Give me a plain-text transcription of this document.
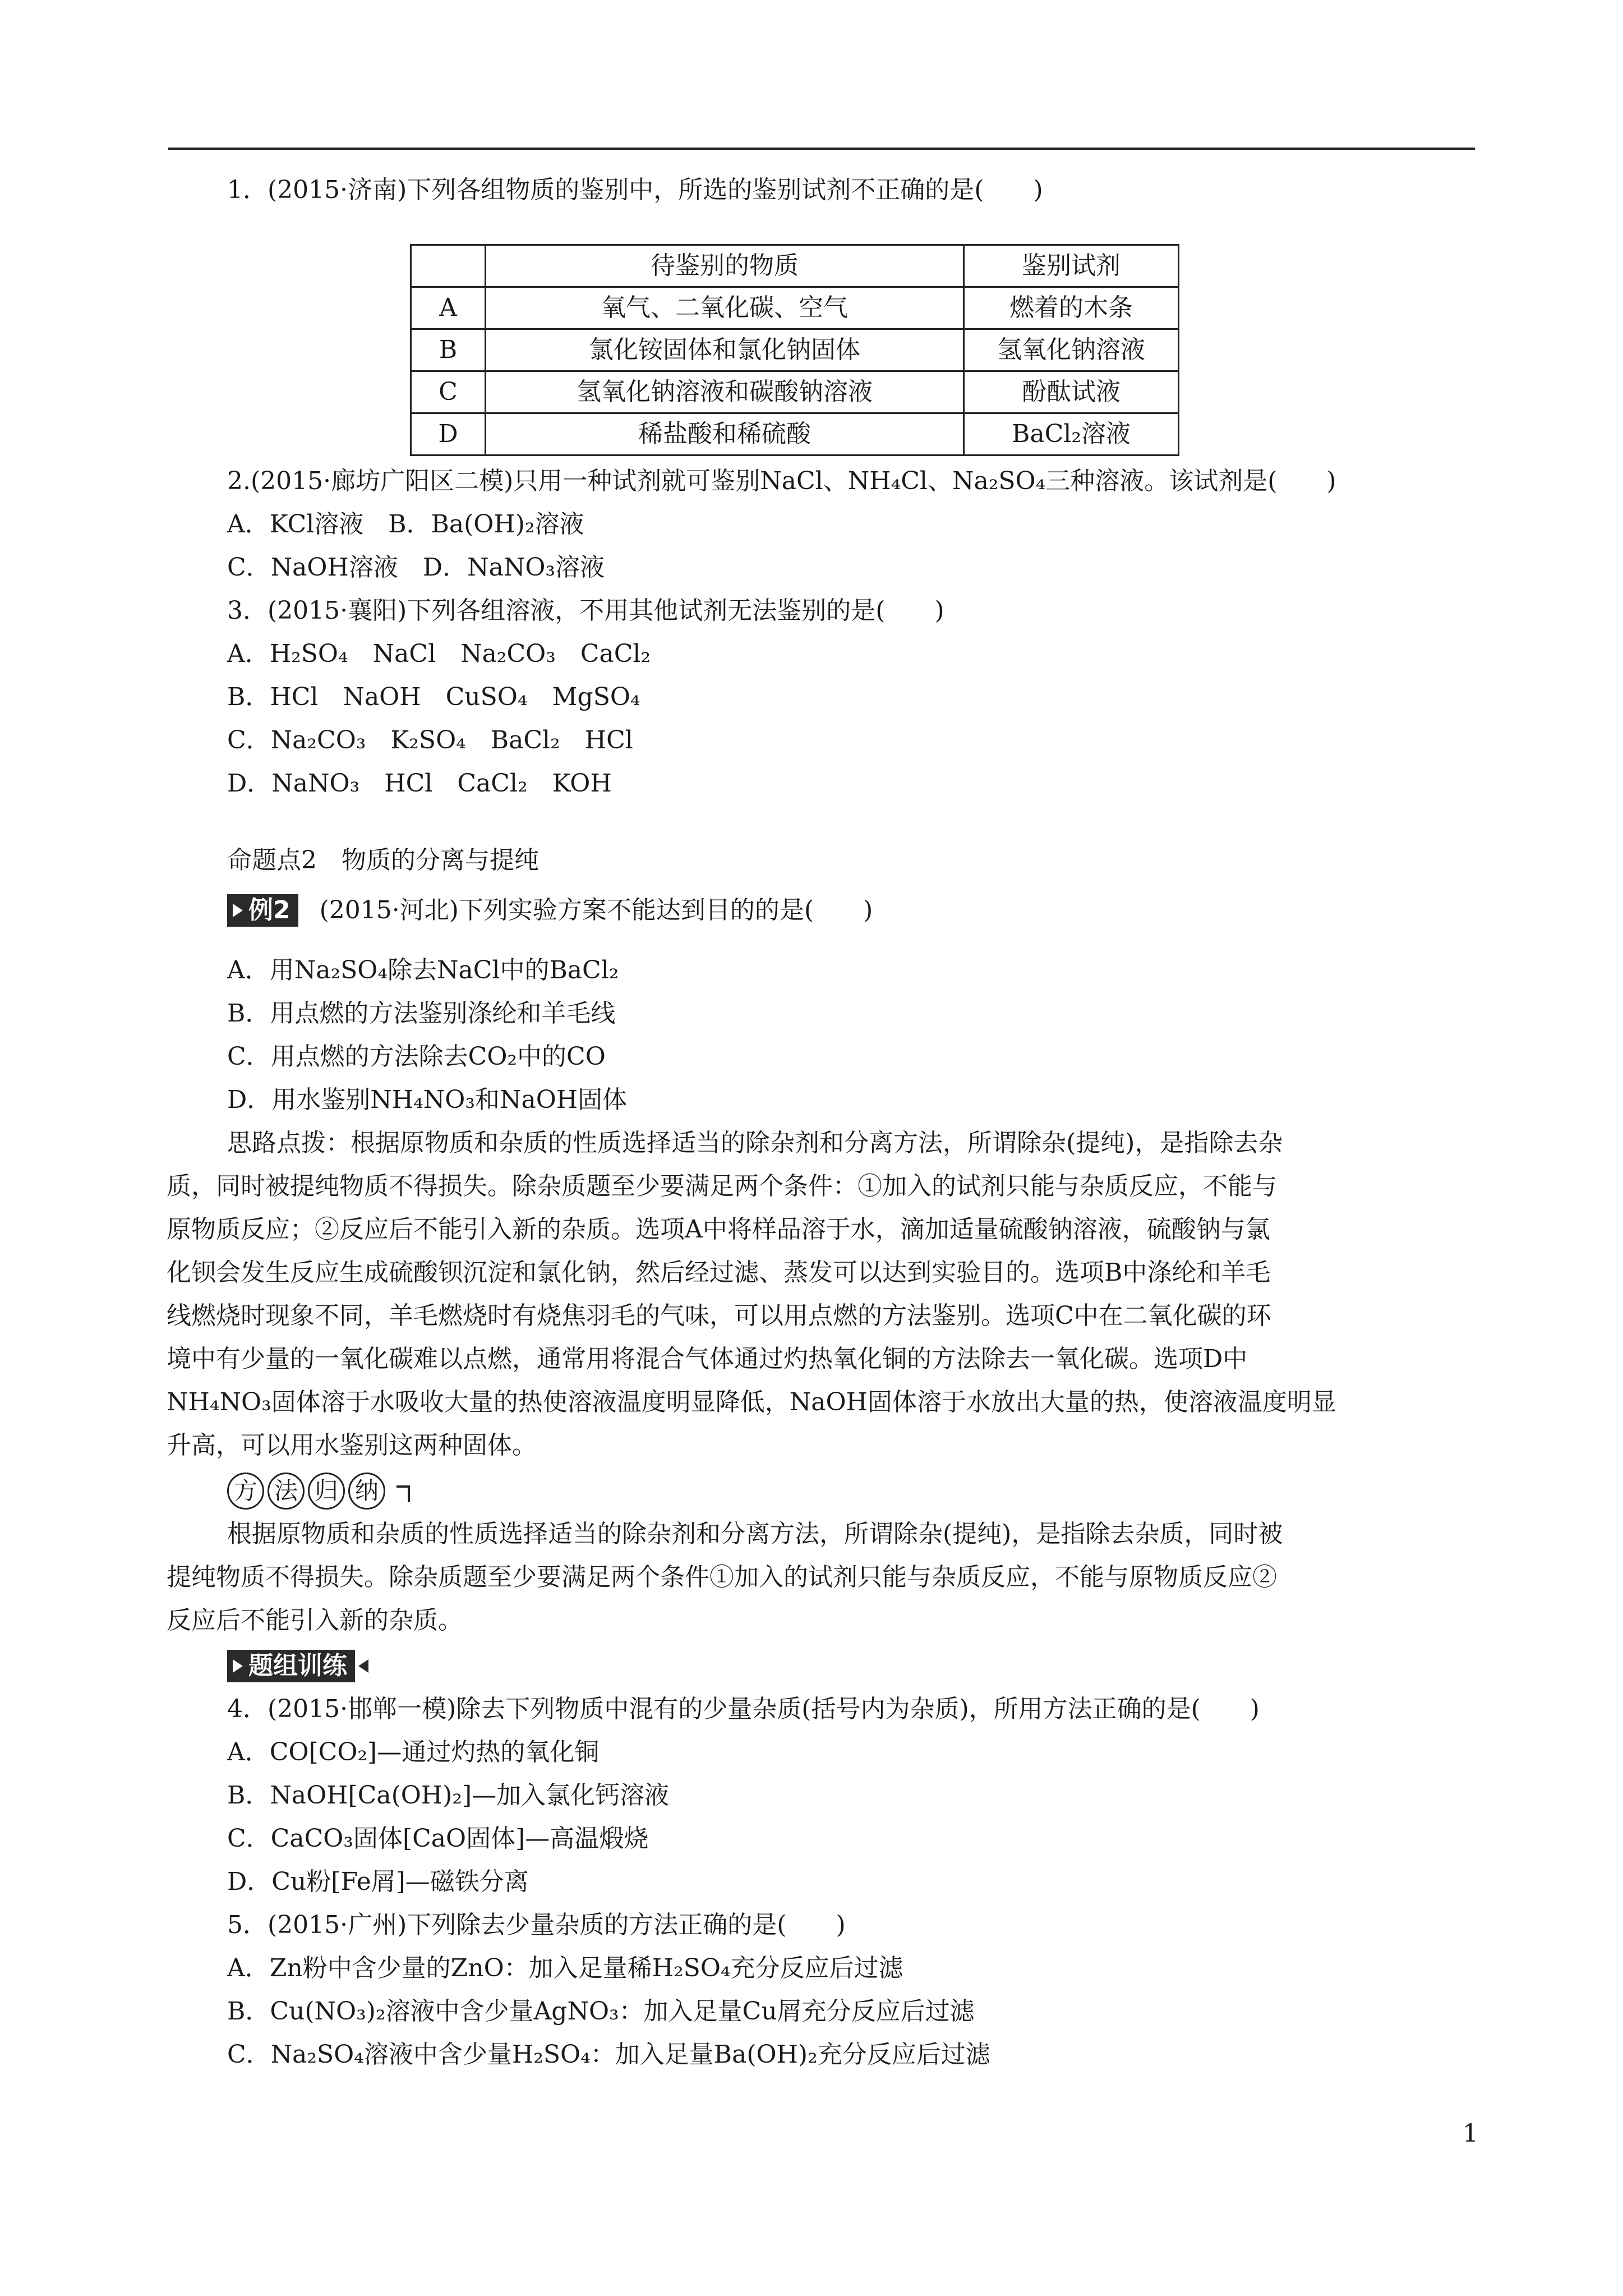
1．(2015·济南)下列各组物质的鉴别中，所选的鉴别试剂不正确的是(　　)
	待鉴别的物质	鉴别试剂
A	氧气、二氧化碳、空气	燃着的木条
B	氯化铵固体和氯化钠固体	氢氧化钠溶液
C	氢氧化钠溶液和碳酸钠溶液	酚酞试液
D	稀盐酸和稀硫酸	BaCl₂溶液
2.(2015·廊坊广阳区二模)只用一种试剂就可鉴别NaCl、NH₄Cl、Na₂SO₄三种溶液。该试剂是(　　)
A．KCl溶液　B．Ba(OH)₂溶液
C．NaOH溶液　D．NaNO₃溶液
3．(2015·襄阳)下列各组溶液，不用其他试剂无法鉴别的是(　　)
A．H₂SO₄　NaCl　Na₂CO₃　CaCl₂
B．HCl　NaOH　CuSO₄　MgSO₄
C．Na₂CO₃　K₂SO₄　BaCl₂　HCl
D．NaNO₃　HCl　CaCl₂　KOH
命题点2　物质的分离与提纯
例2 (2015·河北)下列实验方案不能达到目的的是(　　)
A．用Na₂SO₄除去NaCl中的BaCl₂
B．用点燃的方法鉴别涤纶和羊毛线
C．用点燃的方法除去CO₂中的CO
D．用水鉴别NH₄NO₃和NaOH固体
思路点拨：根据原物质和杂质的性质选择适当的除杂剂和分离方法，所谓除杂(提纯)，是指除去杂
质，同时被提纯物质不得损失。除杂质题至少要满足两个条件：①加入的试剂只能与杂质反应，不能与
原物质反应；②反应后不能引入新的杂质。选项A中将样品溶于水，滴加适量硫酸钠溶液，硫酸钠与氯
化钡会发生反应生成硫酸钡沉淀和氯化钠，然后经过滤、蒸发可以达到实验目的。选项B中涤纶和羊毛
线燃烧时现象不同，羊毛燃烧时有烧焦羽毛的气味，可以用点燃的方法鉴别。选项C中在二氧化碳的环
境中有少量的一氧化碳难以点燃，通常用将混合气体通过灼热氧化铜的方法除去一氧化碳。选项D中
NH₄NO₃固体溶于水吸收大量的热使溶液温度明显降低，NaOH固体溶于水放出大量的热，使溶液温度明显
升高，可以用水鉴别这两种固体。
方 法 归 纳
根据原物质和杂质的性质选择适当的除杂剂和分离方法，所谓除杂(提纯)，是指除去杂质，同时被
提纯物质不得损失。除杂质题至少要满足两个条件①加入的试剂只能与杂质反应，不能与原物质反应②
反应后不能引入新的杂质。
题组训练
4．(2015·邯郸一模)除去下列物质中混有的少量杂质(括号内为杂质)，所用方法正确的是(　　)
A．CO[CO₂]—通过灼热的氧化铜
B．NaOH[Ca(OH)₂]—加入氯化钙溶液
C．CaCO₃固体[CaO固体]—高温煅烧
D．Cu粉[Fe屑]—磁铁分离
5．(2015·广州)下列除去少量杂质的方法正确的是(　　)
A．Zn粉中含少量的ZnO：加入足量稀H₂SO₄充分反应后过滤
B．Cu(NO₃)₂溶液中含少量AgNO₃：加入足量Cu屑充分反应后过滤
C．Na₂SO₄溶液中含少量H₂SO₄：加入足量Ba(OH)₂充分反应后过滤
1
